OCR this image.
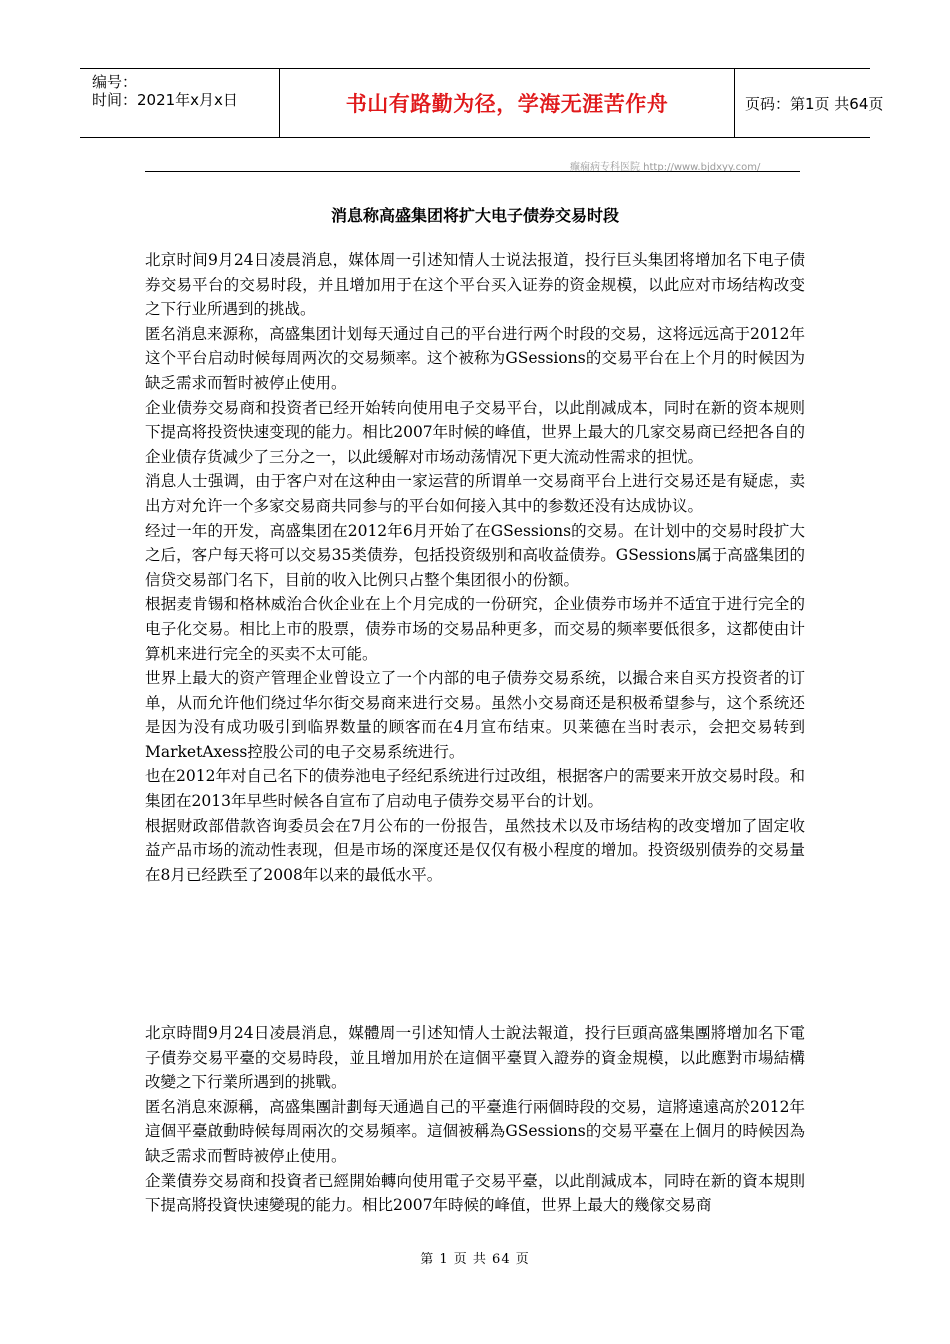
编号：
时间：2021年x月x日	书山有路勤为径，学海无涯苦作舟	页码：第1页 共64页
癫痫病专科医院 http://www.bjdxyy.com/
消息称高盛集团将扩大电子债券交易时段

北京时间9月24日凌晨消息，媒体周一引述知情人士说法报道，投行巨头集团将增加名下电子债券交易平台的交易时段，并且增加用于在这个平台买入证券的资金规模，以此应对市场结构改变之下行业所遇到的挑战。

匿名消息来源称，高盛集团计划每天通过自己的平台进行两个时段的交易，这将远远高于2012年这个平台启动时候每周两次的交易频率。这个被称为GSessions的交易平台在上个月的时候因为缺乏需求而暂时被停止使用。

企业债券交易商和投资者已经开始转向使用电子交易平台，以此削减成本，同时在新的资本规则下提高将投资快速变现的能力。相比2007年时候的峰值，世界上最大的几家交易商已经把各自的企业债存货减少了三分之一，以此缓解对市场动荡情况下更大流动性需求的担忧。

消息人士强调，由于客户对在这种由一家运营的所谓单一交易商平台上进行交易还是有疑虑，卖出方对允许一个多家交易商共同参与的平台如何接入其中的参数还没有达成协议。

经过一年的开发，高盛集团在2012年6月开始了在GSessions的交易。在计划中的交易时段扩大之后，客户每天将可以交易35类债券，包括投资级别和高收益债券。GSessions属于高盛集团的信贷交易部门名下，目前的收入比例只占整个集团很小的份额。

根据麦肯锡和格林威治合伙企业在上个月完成的一份研究，企业债券市场并不适宜于进行完全的电子化交易。相比上市的股票，债券市场的交易品种更多，而交易的频率要低很多，这都使由计算机来进行完全的买卖不太可能。

世界上最大的资产管理企业曾设立了一个内部的电子债券交易系统，以撮合来自买方投资者的订单，从而允许他们绕过华尔街交易商来进行交易。虽然小交易商还是积极希望参与，这个系统还是因为没有成功吸引到临界数量的顾客而在4月宣布结束。贝莱德在当时表示，会把交易转到MarketAxess控股公司的电子交易系统进行。

也在2012年对自己名下的债券池电子经纪系统进行过改组，根据客户的需要来开放交易时段。和集团在2013年早些时候各自宣布了启动电子债券交易平台的计划。

根据财政部借款咨询委员会在7月公布的一份报告，虽然技术以及市场结构的改变增加了固定收益产品市场的流动性表现，但是市场的深度还是仅仅有极小程度的增加。投资级别债券的交易量在8月已经跌至了2008年以来的最低水平。

北京時間9月24日凌晨消息，媒體周一引述知情人士說法報道，投行巨頭高盛集團將增加名下電子債券交易平臺的交易時段，並且增加用於在這個平臺買入證券的資金規模，以此應對市場結構改變之下行業所遇到的挑戰。

匿名消息來源稱，高盛集團計劃每天通過自己的平臺進行兩個時段的交易，這將遠遠高於2012年這個平臺啟動時候每周兩次的交易頻率。這個被稱為GSessions的交易平臺在上個月的時候因為缺乏需求而暫時被停止使用。

企業債券交易商和投資者已經開始轉向使用電子交易平臺，以此削減成本，同時在新的資本規則下提高將投資快速變現的能力。相比2007年時候的峰值，世界上最大的幾傢交易商

第 1 页 共 64 页
